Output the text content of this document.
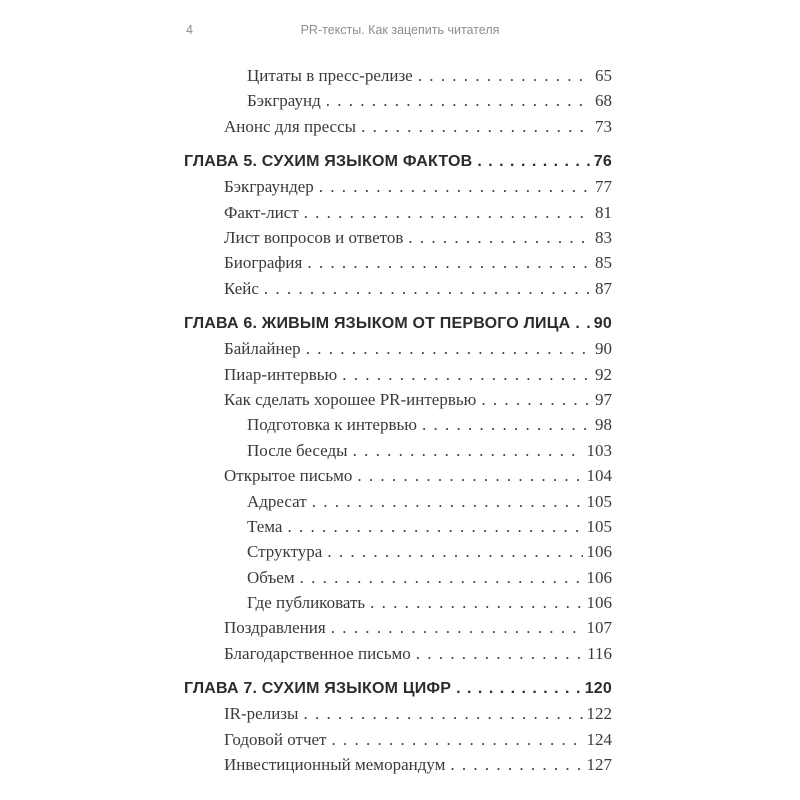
4	PR-тексты. Как зацепить читателя
Цитаты в пресс-релизе . . .	65
Бэкграунд . . .	68
Анонс для прессы . . .	73
ГЛАВА 5. СУХИМ ЯЗЫКОМ ФАКТОВ . . .	76
Бэкграундер . . .	77
Факт-лист . . .	81
Лист вопросов и ответов . . .	83
Биография . . .	85
Кейс . . .	87
ГЛАВА 6. ЖИВЫМ ЯЗЫКОМ ОТ ПЕРВОГО ЛИЦА . . . 90
Байлайнер . . .	90
Пиар-интервью . . .	92
Как сделать хорошее PR-интервью . . .	97
Подготовка к интервью . . .	98
После беседы . . .	103
Открытое письмо . . .	104
Адресат . . .	105
Тема . . .	105
Структура . . .	106
Объем . . .	106
Где публиковать . . .	106
Поздравления . . .	107
Благодарственное письмо . . .	116
ГЛАВА 7. СУХИМ ЯЗЫКОМ ЦИФР . . .	120
IR-релизы . . .	122
Годовой отчет . . .	124
Инвестиционный меморандум . . .	127
